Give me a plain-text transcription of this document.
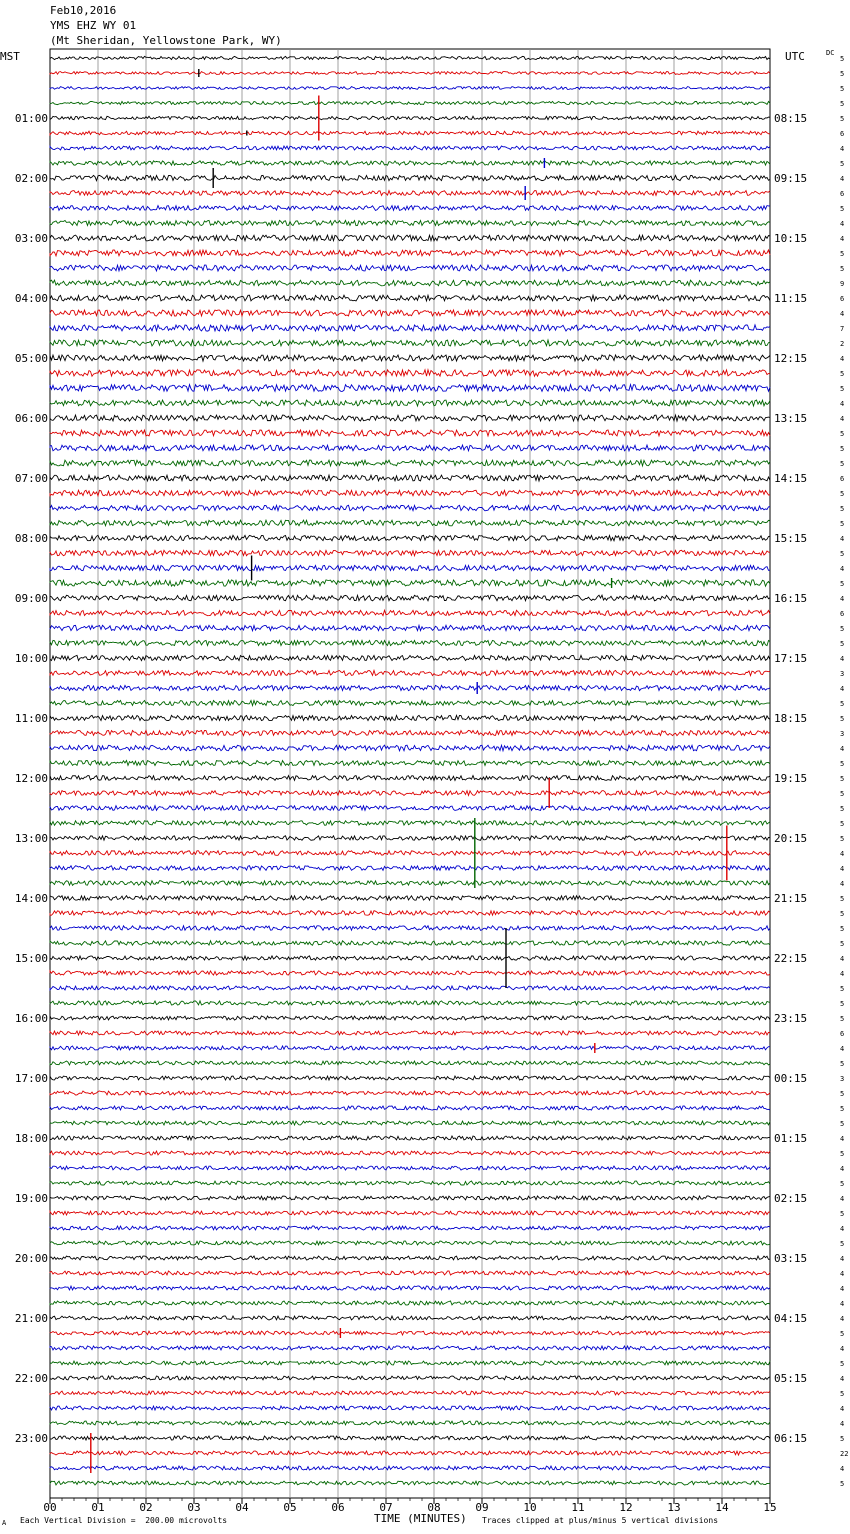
Feb10,2016
YMS EHZ WY 01
(Mt Sheridan, Yellowstone Park, WY)
MST	UTC	DC
00	01	02	03	04	05	06	07	08	09	10	11	12	13	14	15
5
5
5
5
5
6
4
5
4
6
5
4
4
5
5
9
6
4
7
2
4
5
5
4
4
5
5
5
6
5
5
5
4
5
4
5
4
6
5
5
4
3
4
5
5
3
4
5
5
5
5
5
5
4
4
4
5
5
5
5
4
4
5
5
5
6
4
5
3
5
5
5
4
5
4
5
4
5
4
5
4
4
4
4
4
5
4
5
4
5
4
4
5
22
4
5
01:00
02:00
03:00
04:00
05:00
06:00
07:00
08:00
09:00
10:00
11:00
12:00
13:00
14:00
15:00
16:00
17:00
18:00
19:00
20:00
21:00
22:00
23:00
08:15
09:15
10:15
11:15
12:15
13:15
14:15
15:15
16:15
17:15
18:15
19:15
20:15
21:15
22:15
23:15
00:15
01:15
02:15
03:15
04:15
05:15
06:15
TIME (MINUTES)
Each Vertical Division =  200.00 microvolts	Traces clipped at plus/minus 5 vertical divisions
A
